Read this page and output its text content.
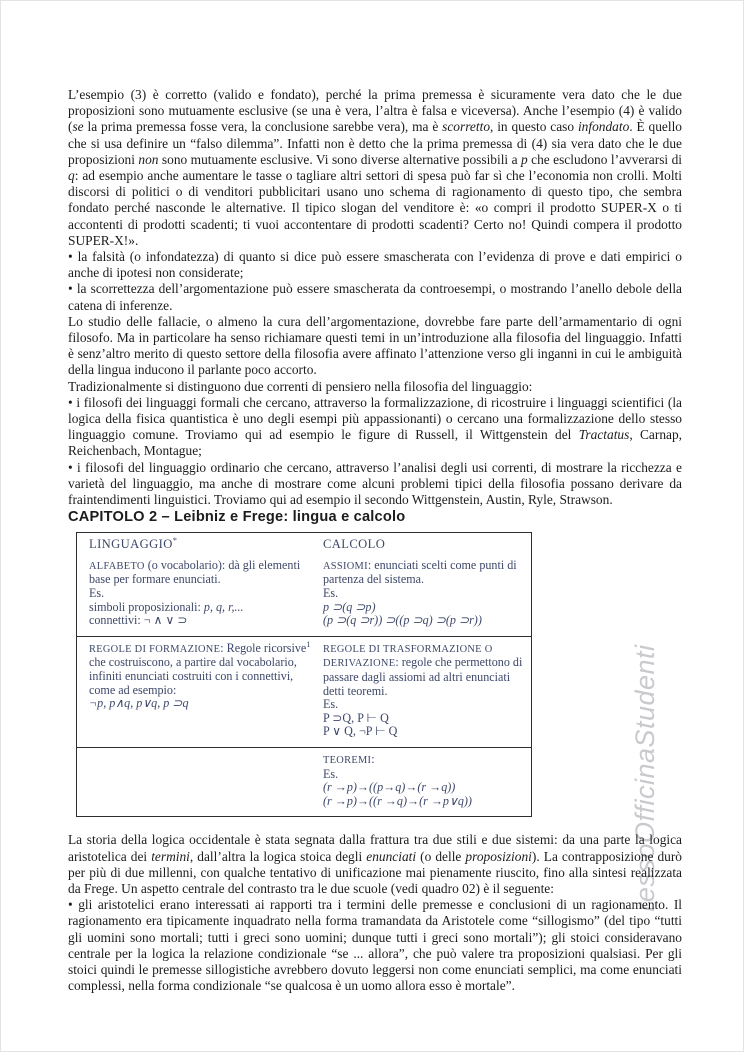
ressoOfficinaStudenti

L’esempio (3) è corretto (valido e fondato), perché la prima premessa è sicuramente vera dato che le due proposizioni sono mutuamente esclusive (se una è vera, l’altra è falsa e viceversa). Anche l’esempio (4) è valido (se la prima premessa fosse vera, la conclusione sarebbe vera), ma è scorretto, in questo caso infondato. È quello che si usa definire un “falso dilemma”. Infatti non è detto che la prima premessa di (4) sia vera dato che le due proposizioni non sono mutuamente esclusive. Vi sono diverse alternative possibili a p che escludono l’avverarsi di q: ad esempio anche aumentare le tasse o tagliare altri settori di spesa può far sì che l’economia non crolli. Molti discorsi di politici o di venditori pubblicitari usano uno schema di ragionamento di questo tipo, che sembra fondato perché nasconde le alternative. Il tipico slogan del venditore è: «o compri il prodotto SUPER-X o ti accontenti di prodotti scadenti; ti vuoi accontentare di prodotti scadenti? Certo no! Quindi compera il prodotto SUPER-X!».

• la falsità (o infondatezza) di quanto si dice può essere smascherata con l’evidenza di prove e dati empirici o anche di ipotesi non considerate;

• la scorrettezza dell’argomentazione può essere smascherata da controesempi, o mostrando l’anello debole della catena di inferenze.

Lo studio delle fallacie, o almeno la cura dell’argomentazione, dovrebbe fare parte dell’armamentario di ogni filosofo. Ma in particolare ha senso richiamare questi temi in un’introduzione alla filosofia del linguaggio. Infatti è senz’altro merito di questo settore della filosofia avere affinato l’attenzione verso gli inganni in cui le ambiguità della lingua inducono il parlante poco accorto.

Tradizionalmente si distinguono due correnti di pensiero nella filosofia del linguaggio:

• i filosofi dei linguaggi formali che cercano, attraverso la formalizzazione, di ricostruire i linguaggi scientifici (la logica della fisica quantistica è uno degli esempi più appassionanti) o cercano una formalizzazione dello stesso linguaggio comune. Troviamo qui ad esempio le figure di Russell, il Wittgenstein del Tractatus, Carnap, Reichenbach, Montague;

• i filosofi del linguaggio ordinario che cercano, attraverso l’analisi degli usi correnti, di mostrare la ricchezza e varietà del linguaggio, ma anche di mostrare come alcuni problemi tipici della filosofia possano derivare da fraintendimenti linguistici. Troviamo qui ad esempio il secondo Wittgenstein, Austin, Ryle, Strawson.

CAPITOLO 2 – Leibniz e Frege: lingua e calcolo

LINGUAGGIO*	CALCOLO
ALFABETO (o vocabolario): dà gli elementi base per formare enunciati.
Es.
simboli proposizionali: p, q, r,...
connettivi: ¬ ∧ ∨ ⊃
ASSIOMI: enunciati scelti come punti di partenza del sistema.
Es.
p ⊃(q ⊃p)
(p ⊃(q ⊃r)) ⊃((p ⊃q) ⊃(p ⊃r))
REGOLE DI FORMAZIONE: Regole ricorsive$^1$ che costruiscono, a partire dal vocabolario, infiniti enunciati costruiti con i connettivi, come ad esempio:
¬p, p∧q, p∨q, p ⊃q
REGOLE DI TRASFORMAZIONE O DERIVAZIONE: regole che permettono di passare dagli assiomi ad altri enunciati detti teoremi.
Es.
P ⊃Q, P ⊢ Q
P ∨ Q, ¬P ⊢ Q
TEOREMI:
Es.
(r →p)→((p→q)→(r →q))
(r →p)→((r →q)→(r →p∨q))

La storia della logica occidentale è stata segnata dalla frattura tra due stili e due sistemi: da una parte la logica aristotelica dei termini, dall’altra la logica stoica degli enunciati (o delle proposizioni). La contrapposizione durò per più di due millenni, con qualche tentativo di unificazione mai pienamente riuscito, fino alla sintesi realizzata da Frege. Un aspetto centrale del contrasto tra le due scuole (vedi quadro 02) è il seguente:

• gli aristotelici erano interessati ai rapporti tra i termini delle premesse e conclusioni di un ragionamento. Il ragionamento era tipicamente inquadrato nella forma tramandata da Aristotele come “sillogismo” (del tipo “tutti gli uomini sono mortali; tutti i greci sono uomini; dunque tutti i greci sono mortali”); gli stoici consideravano centrale per la logica la relazione condizionale “se ... allora”, che può valere tra proposizioni qualsiasi. Per gli stoici quindi le premesse sillogistiche avrebbero dovuto leggersi non come enunciati semplici, ma come enunciati complessi, nella forma condizionale “se qualcosa è un uomo allora esso è mortale”.
